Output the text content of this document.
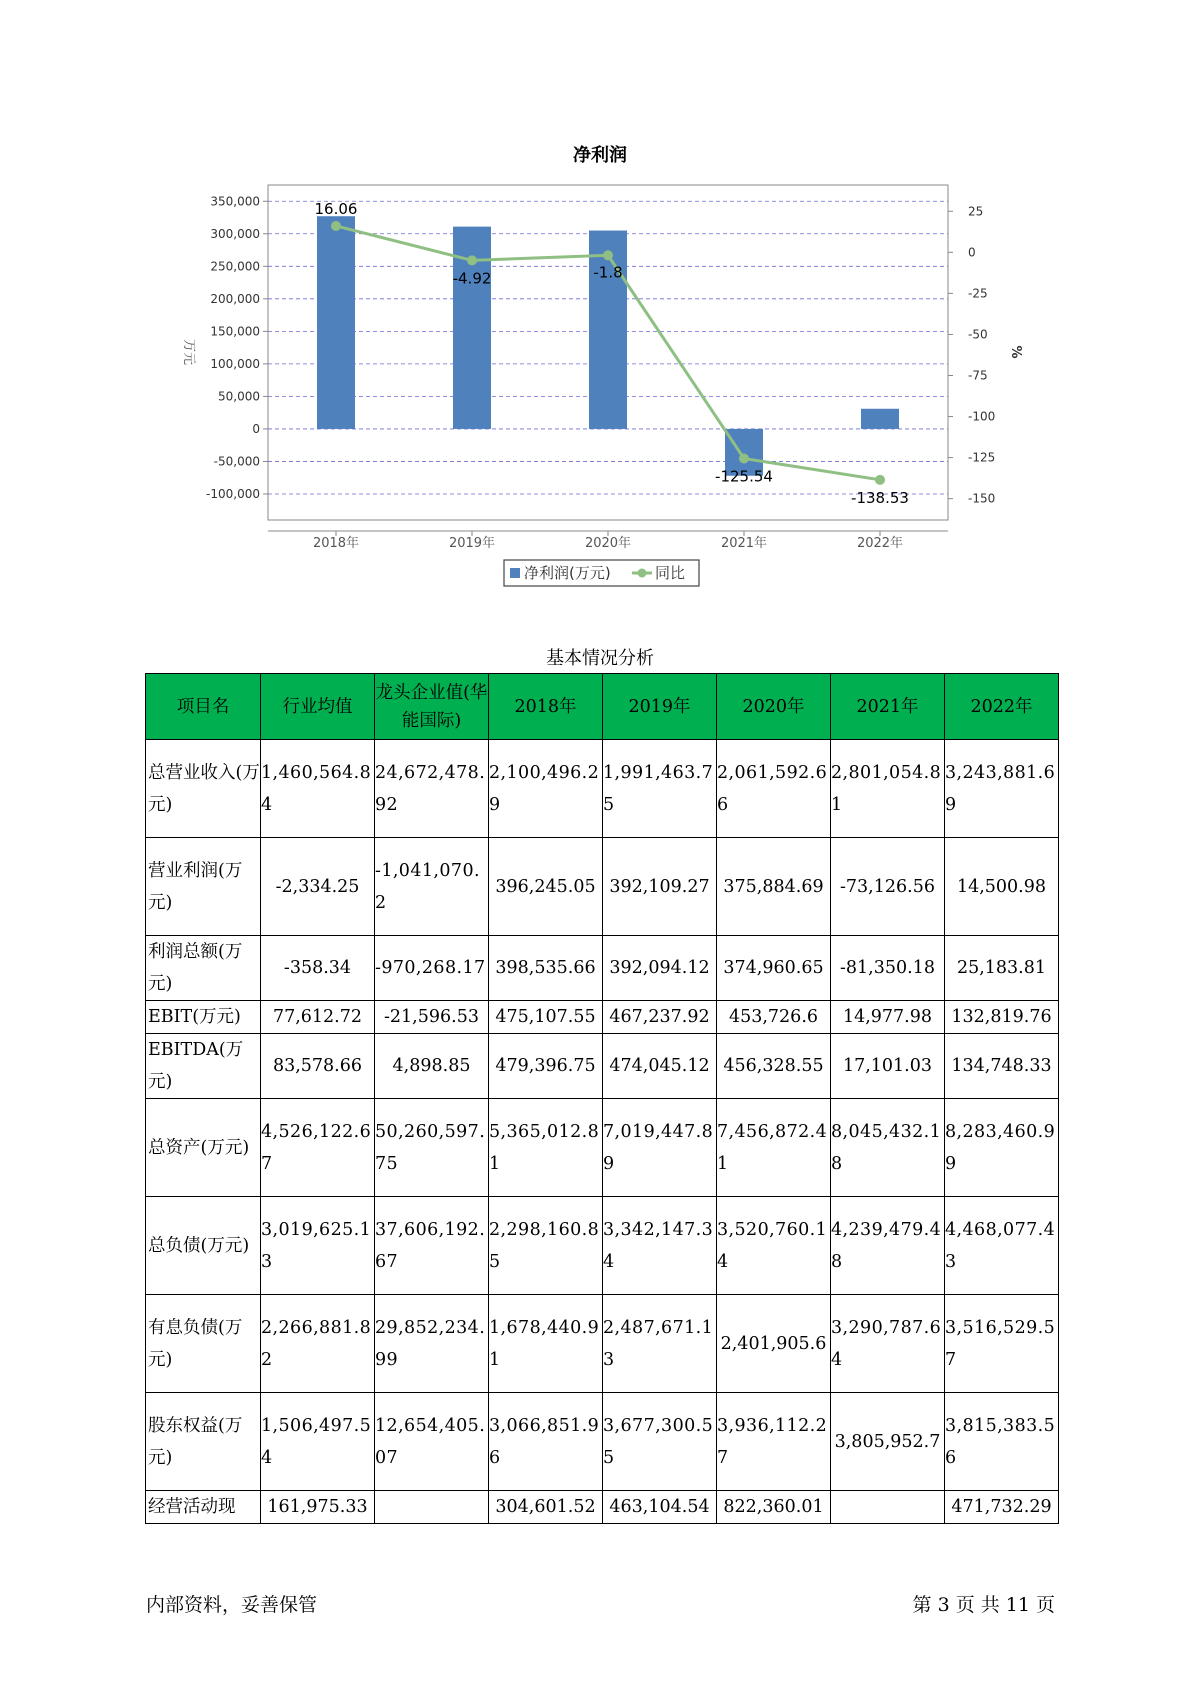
净利润
350,000
300,000
250,000
200,000
150,000
100,000
50,000
0
-50,000
-100,000
25
0
-25
-50
-75
-100
-125
-150
万元	%
16.06
-4.92	-1.8
-125.54
-138.53
2018年	2019年	2020年	2021年	2022年
净利润(万元)	同比
基本情况分析
项目名	行业均值	龙头企业值(华能国际)	2018年	2019年	2020年	2021年	2022年
总营业收入(万元)	1,460,564.84	24,672,478.92	2,100,496.29	1,991,463.75	2,061,592.66	2,801,054.81	3,243,881.69
营业利润(万元)	-2,334.25	-1,041,070.2	396,245.05	392,109.27	375,884.69	-73,126.56	14,500.98
利润总额(万元)	-358.34	-970,268.17	398,535.66	392,094.12	374,960.65	-81,350.18	25,183.81
EBIT(万元)	77,612.72	-21,596.53	475,107.55	467,237.92	453,726.6	14,977.98	132,819.76
EBITDA(万元)	83,578.66	4,898.85	479,396.75	474,045.12	456,328.55	17,101.03	134,748.33
总资产(万元)	4,526,122.67	50,260,597.75	5,365,012.81	7,019,447.89	7,456,872.41	8,045,432.18	8,283,460.99
总负债(万元)	3,019,625.13	37,606,192.67	2,298,160.85	3,342,147.34	3,520,760.14	4,239,479.48	4,468,077.43
有息负债(万元)	2,266,881.82	29,852,234.99	1,678,440.91	2,487,671.13	2,401,905.6	3,290,787.64	3,516,529.57
股东权益(万元)	1,506,497.54	12,654,405.07	3,066,851.96	3,677,300.55	3,936,112.27	3,805,952.7	3,815,383.56
经营活动现	161,975.33		304,601.52	463,104.54	822,360.01		471,732.29
内部资料，妥善保管	第 3 页 共 11 页
